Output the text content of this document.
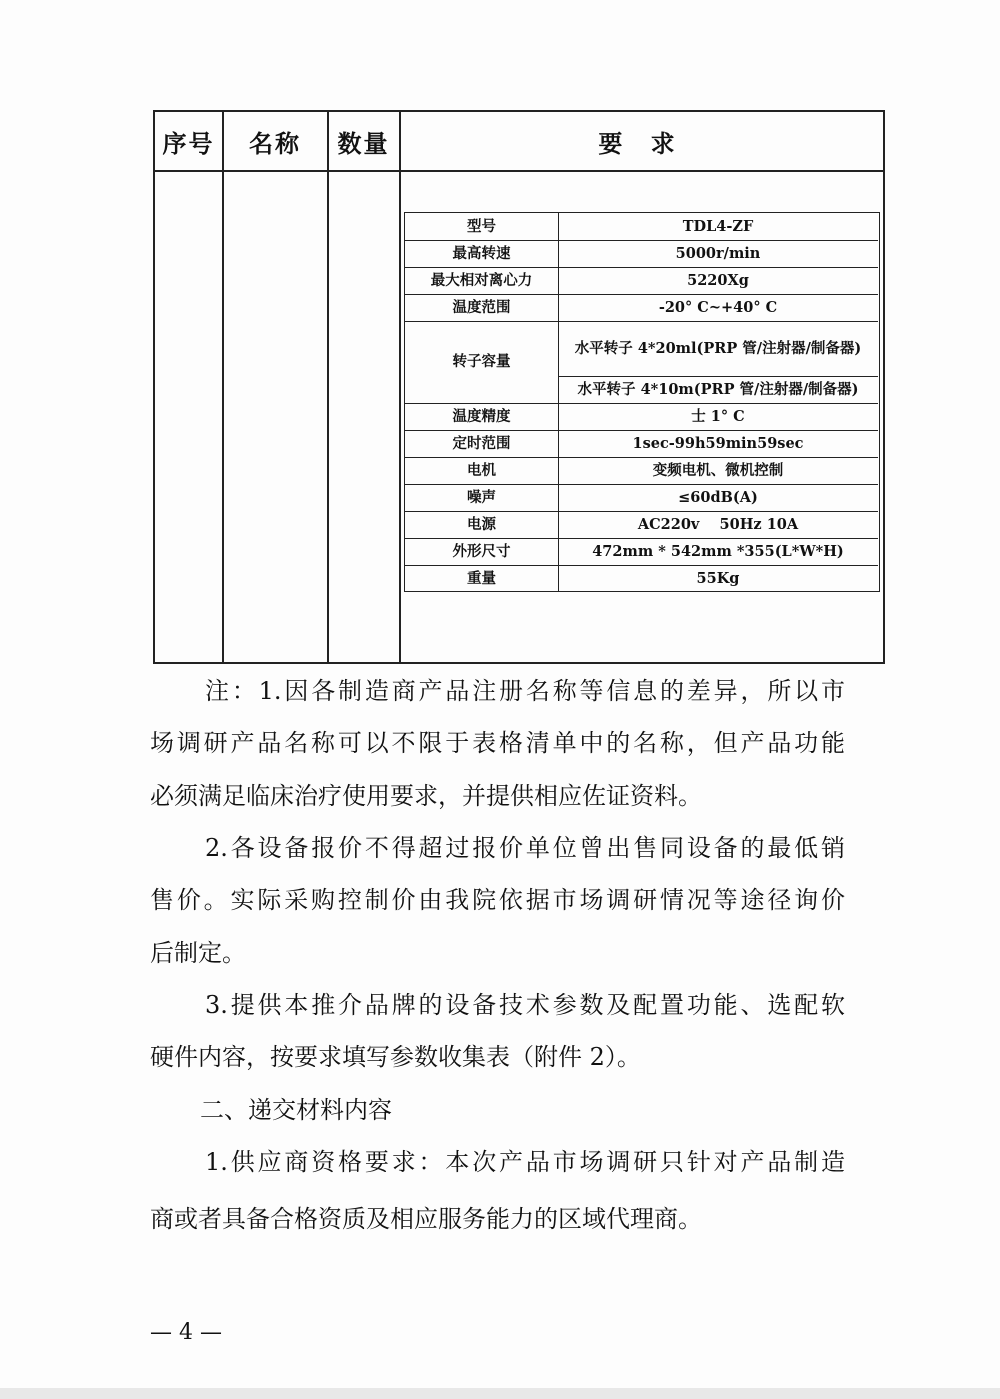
序号	名称	数量	要 求
型号	TDL4-ZF
最高转速	5000r/min
最大相对离心力	5220Xg
温度范围	-20° C~+40° C
转子容量
水平转子 4*20ml(PRP 管/注射器/制备器)
水平转子 4*10m(PRP 管/注射器/制备器)
温度精度	士 1° C
定时范围	1sec-99h59min59sec
电机	变频电机、微机控制
噪声	≤60dB(A)
电源	AC220v    50Hz 10A
外形尺寸	472mm * 542mm *355(L*W*H)
重量	55Kg
注：1.因各制造商产品注册名称等信息的差异，所以市
场调研产品名称可以不限于表格清单中的名称，但产品功能
必须满足临床治疗使用要求，并提供相应佐证资料。
2.各设备报价不得超过报价单位曾出售同设备的最低销
售价。实际采购控制价由我院依据市场调研情况等途径询价
后制定。
3.提供本推介品牌的设备技术参数及配置功能、选配软
硬件内容，按要求填写参数收集表（附件 2）。
二、递交材料内容
1.供应商资格要求：本次产品市场调研只针对产品制造
商或者具备合格资质及相应服务能力的区域代理商。
— 4 —
